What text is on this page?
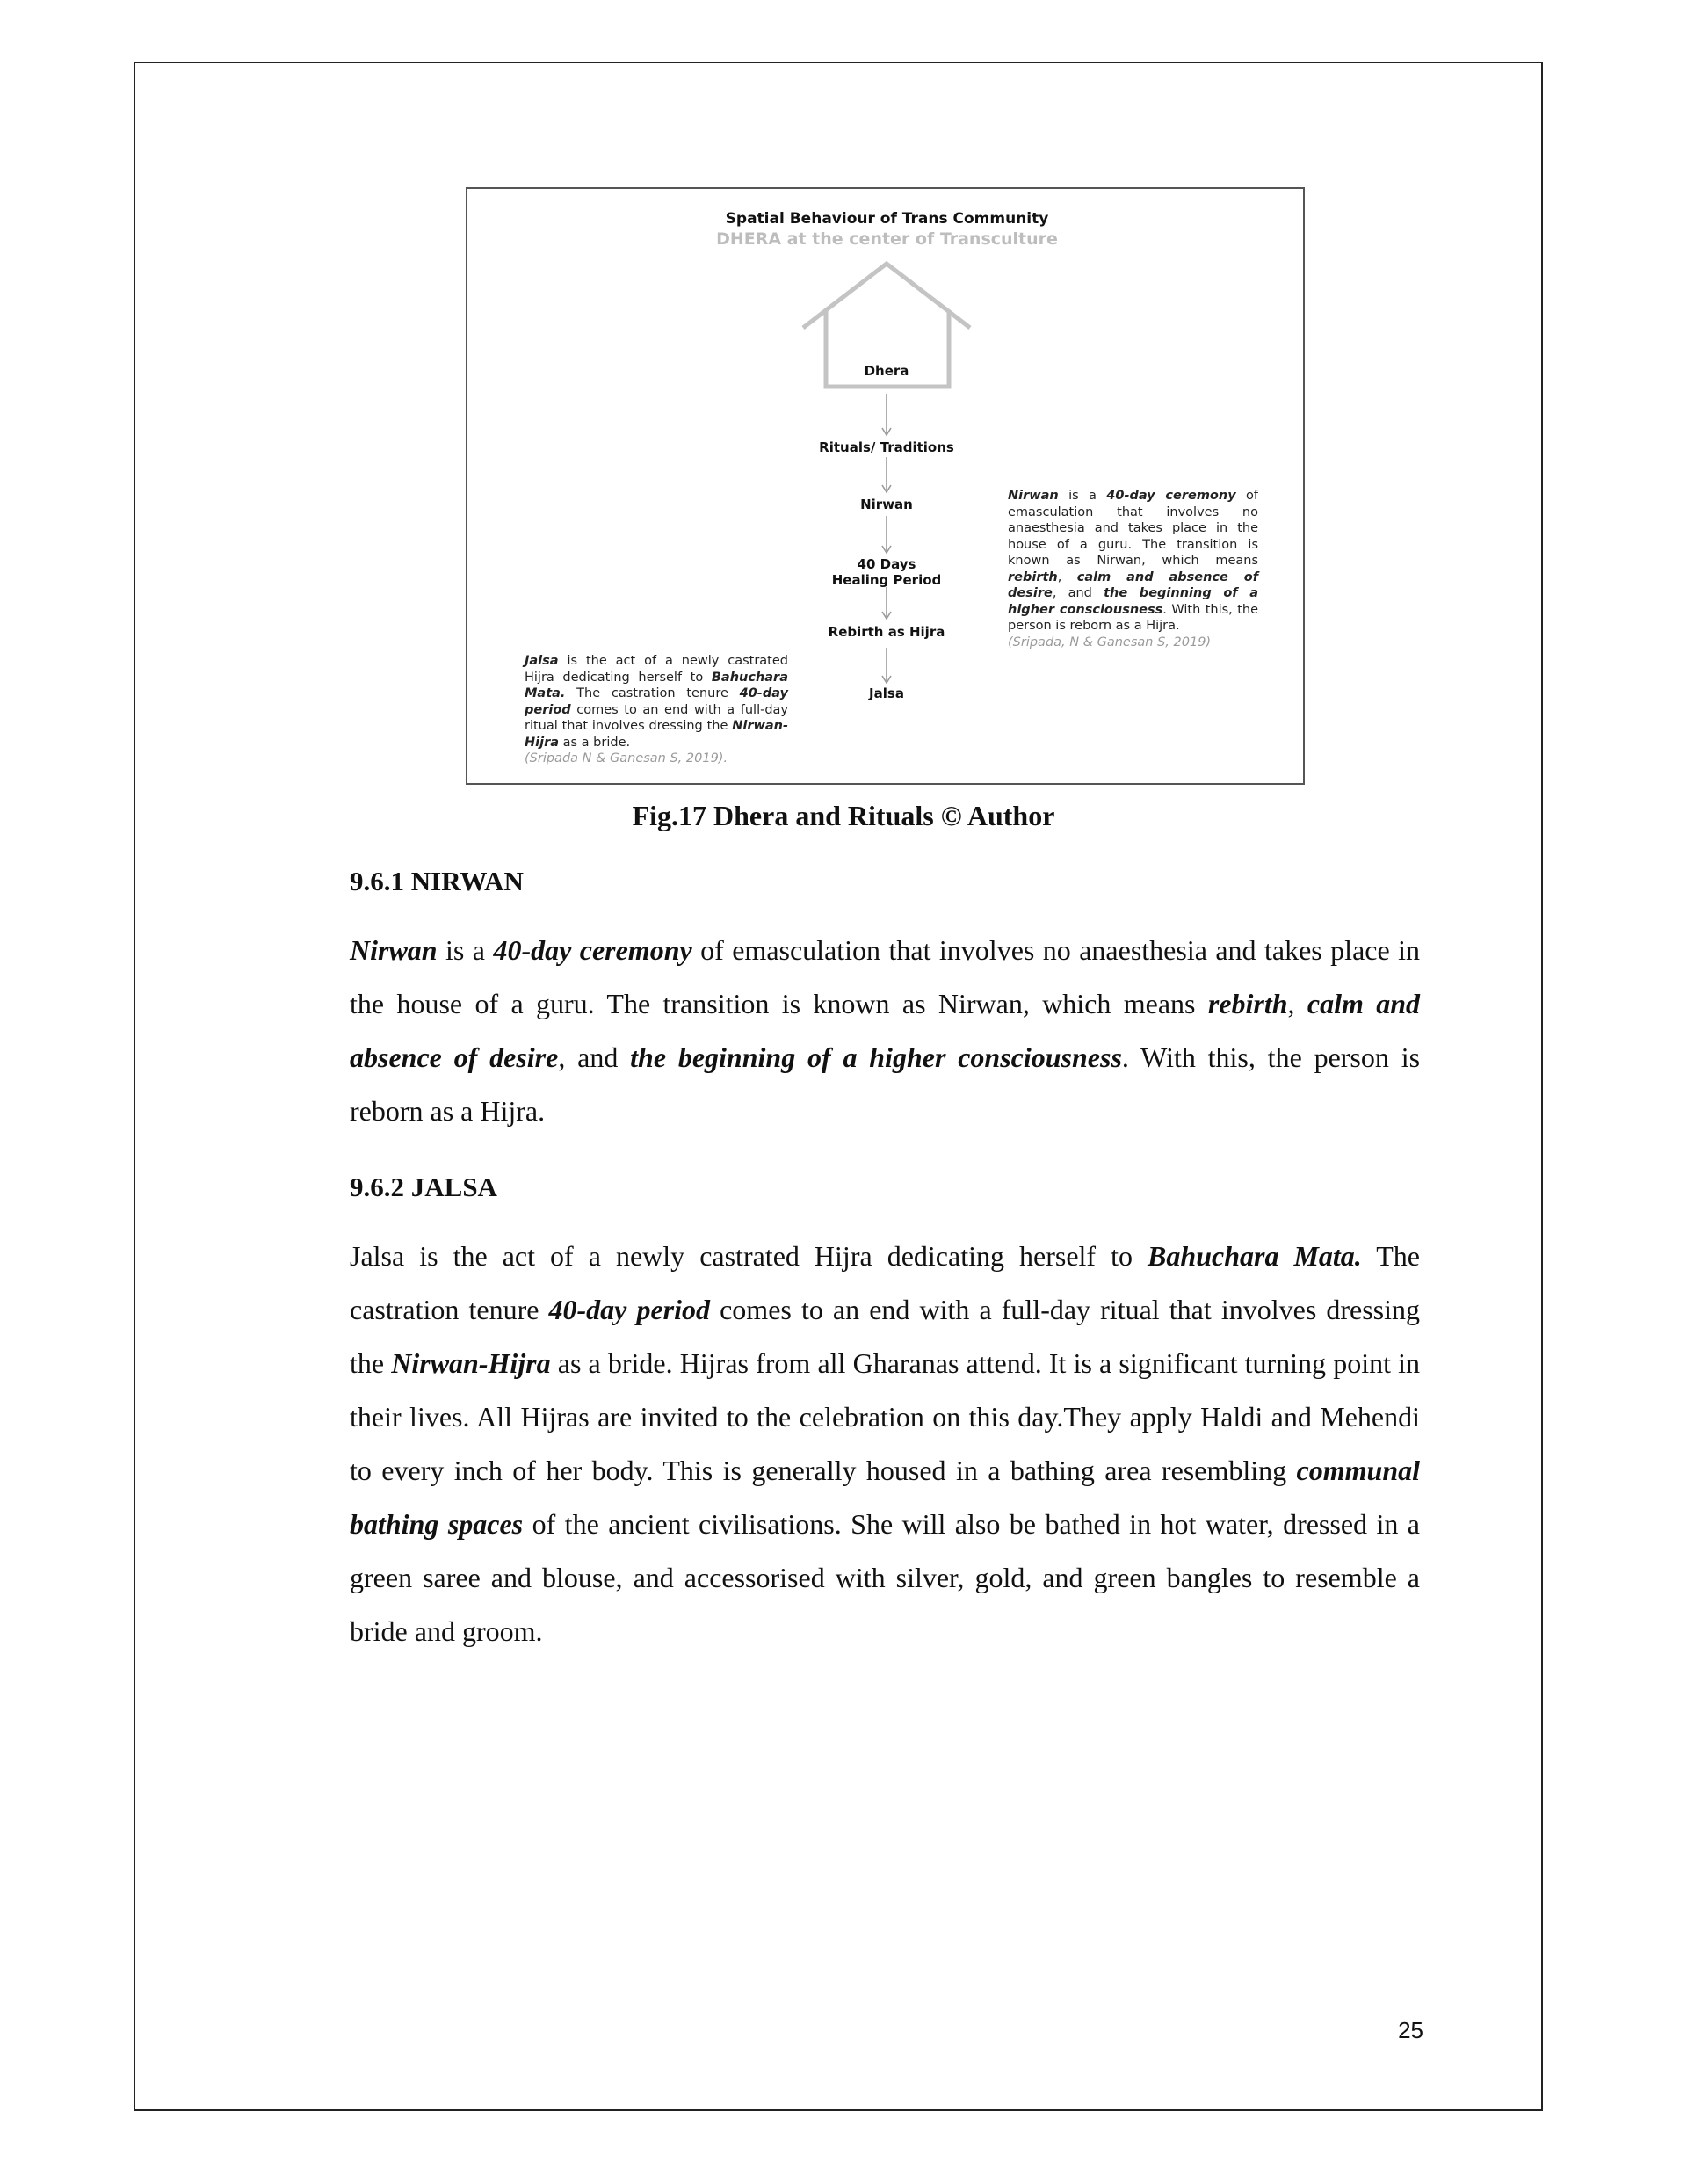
Spatial Behaviour of Trans Community
DHERA at the center of Transculture
Dhera
Rituals/ Traditions
Nirwan
40 Days
Healing Period
Rebirth as Hijra
Jalsa
Nirwan is a 40-day ceremony of emasculation that involves no anaesthesia and takes place in the house of a guru. The transition is known as Nirwan, which means rebirth, calm and absence of desire, and the beginning of a higher consciousness. With this, the person is reborn as a Hijra.
(Sripada, N & Ganesan S, 2019)
Jalsa is the act of a newly castrated Hijra dedicating herself to Bahuchara Mata. The castration tenure 40-day period comes to an end with a full-day ritual that involves dressing the Nirwan-Hijra as a bride.
(Sripada N & Ganesan S, 2019).
Fig.17 Dhera and Rituals © Author
9.6.1 NIRWAN
Nirwan is a 40-day ceremony of emasculation that involves no anaesthesia and takes place in the house of a guru. The transition is known as Nirwan, which means rebirth, calm and absence of desire, and the beginning of a higher consciousness. With this, the person is reborn as a Hijra.
9.6.2 JALSA
Jalsa is the act of a newly castrated Hijra dedicating herself to Bahuchara Mata. The castration tenure 40-day period comes to an end with a full-day ritual that involves dressing the Nirwan-Hijra as a bride. Hijras from all Gharanas attend. It is a significant turning point in their lives. All Hijras are invited to the celebration on this day.They apply Haldi and Mehendi to every inch of her body. This is generally housed in a bathing area resembling communal bathing spaces of the ancient civilisations. She will also be bathed in hot water, dressed in a green saree and blouse, and accessorised with silver, gold, and green bangles to resemble a bride and groom.
25
